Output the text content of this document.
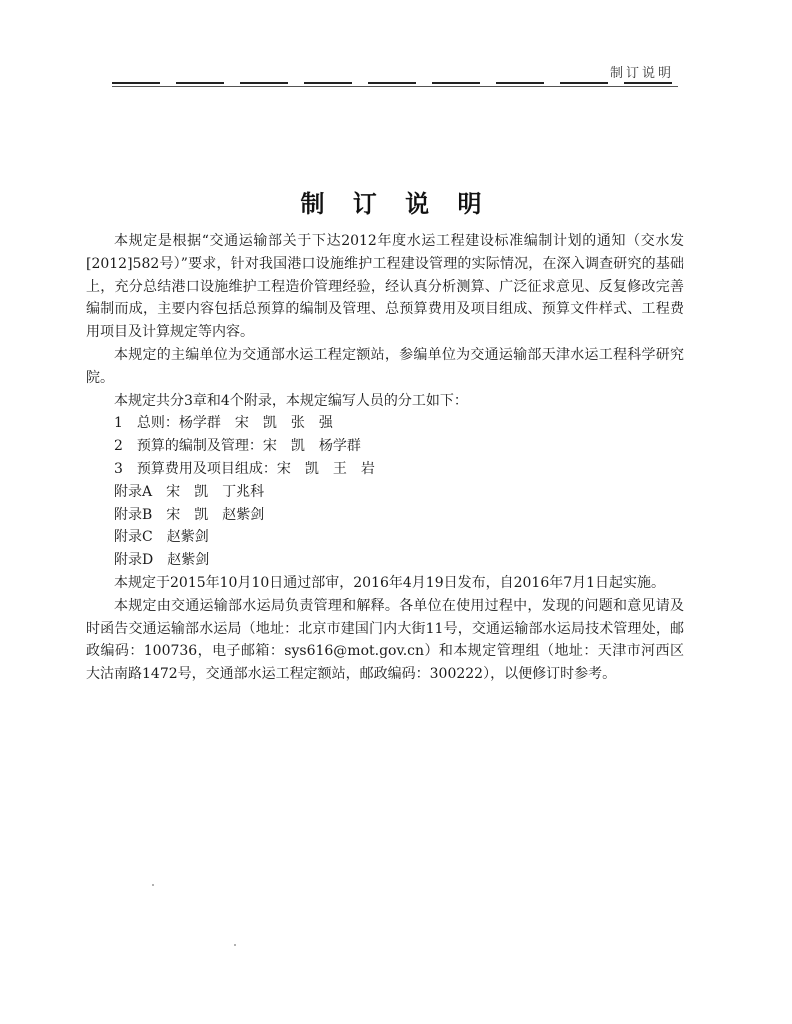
制订说明
制 订 说 明

本规定是根据“交通运输部关于下达2012年度水运工程建设标准编制计划的通知（交水发[2012]582号）”要求，针对我国港口设施维护工程建设管理的实际情况，在深入调查研究的基础上，充分总结港口设施维护工程造价管理经验，经认真分析测算、广泛征求意见、反复修改完善编制而成，主要内容包括总预算的编制及管理、总预算费用及项目组成、预算文件样式、工程费用项目及计算规定等内容。

本规定的主编单位为交通部水运工程定额站，参编单位为交通运输部天津水运工程科学研究院。

本规定共分3章和4个附录，本规定编写人员的分工如下：

1　总则：杨学群　宋　凯　张　强

2　预算的编制及管理：宋　凯　杨学群

3　预算费用及项目组成：宋　凯　王　岩

附录A　宋　凯　丁兆科

附录B　宋　凯　赵紫剑

附录C　赵紫剑

附录D　赵紫剑

本规定于2015年10月10日通过部审，2016年4月19日发布，自2016年7月1日起实施。

本规定由交通运输部水运局负责管理和解释。各单位在使用过程中，发现的问题和意见请及时函告交通运输部水运局（地址：北京市建国门内大街11号，交通运输部水运局技术管理处，邮政编码：100736，电子邮箱：sys616@mot.gov.cn）和本规定管理组（地址：天津市河西区大沽南路1472号，交通部水运工程定额站，邮政编码：300222），以便修订时参考。
